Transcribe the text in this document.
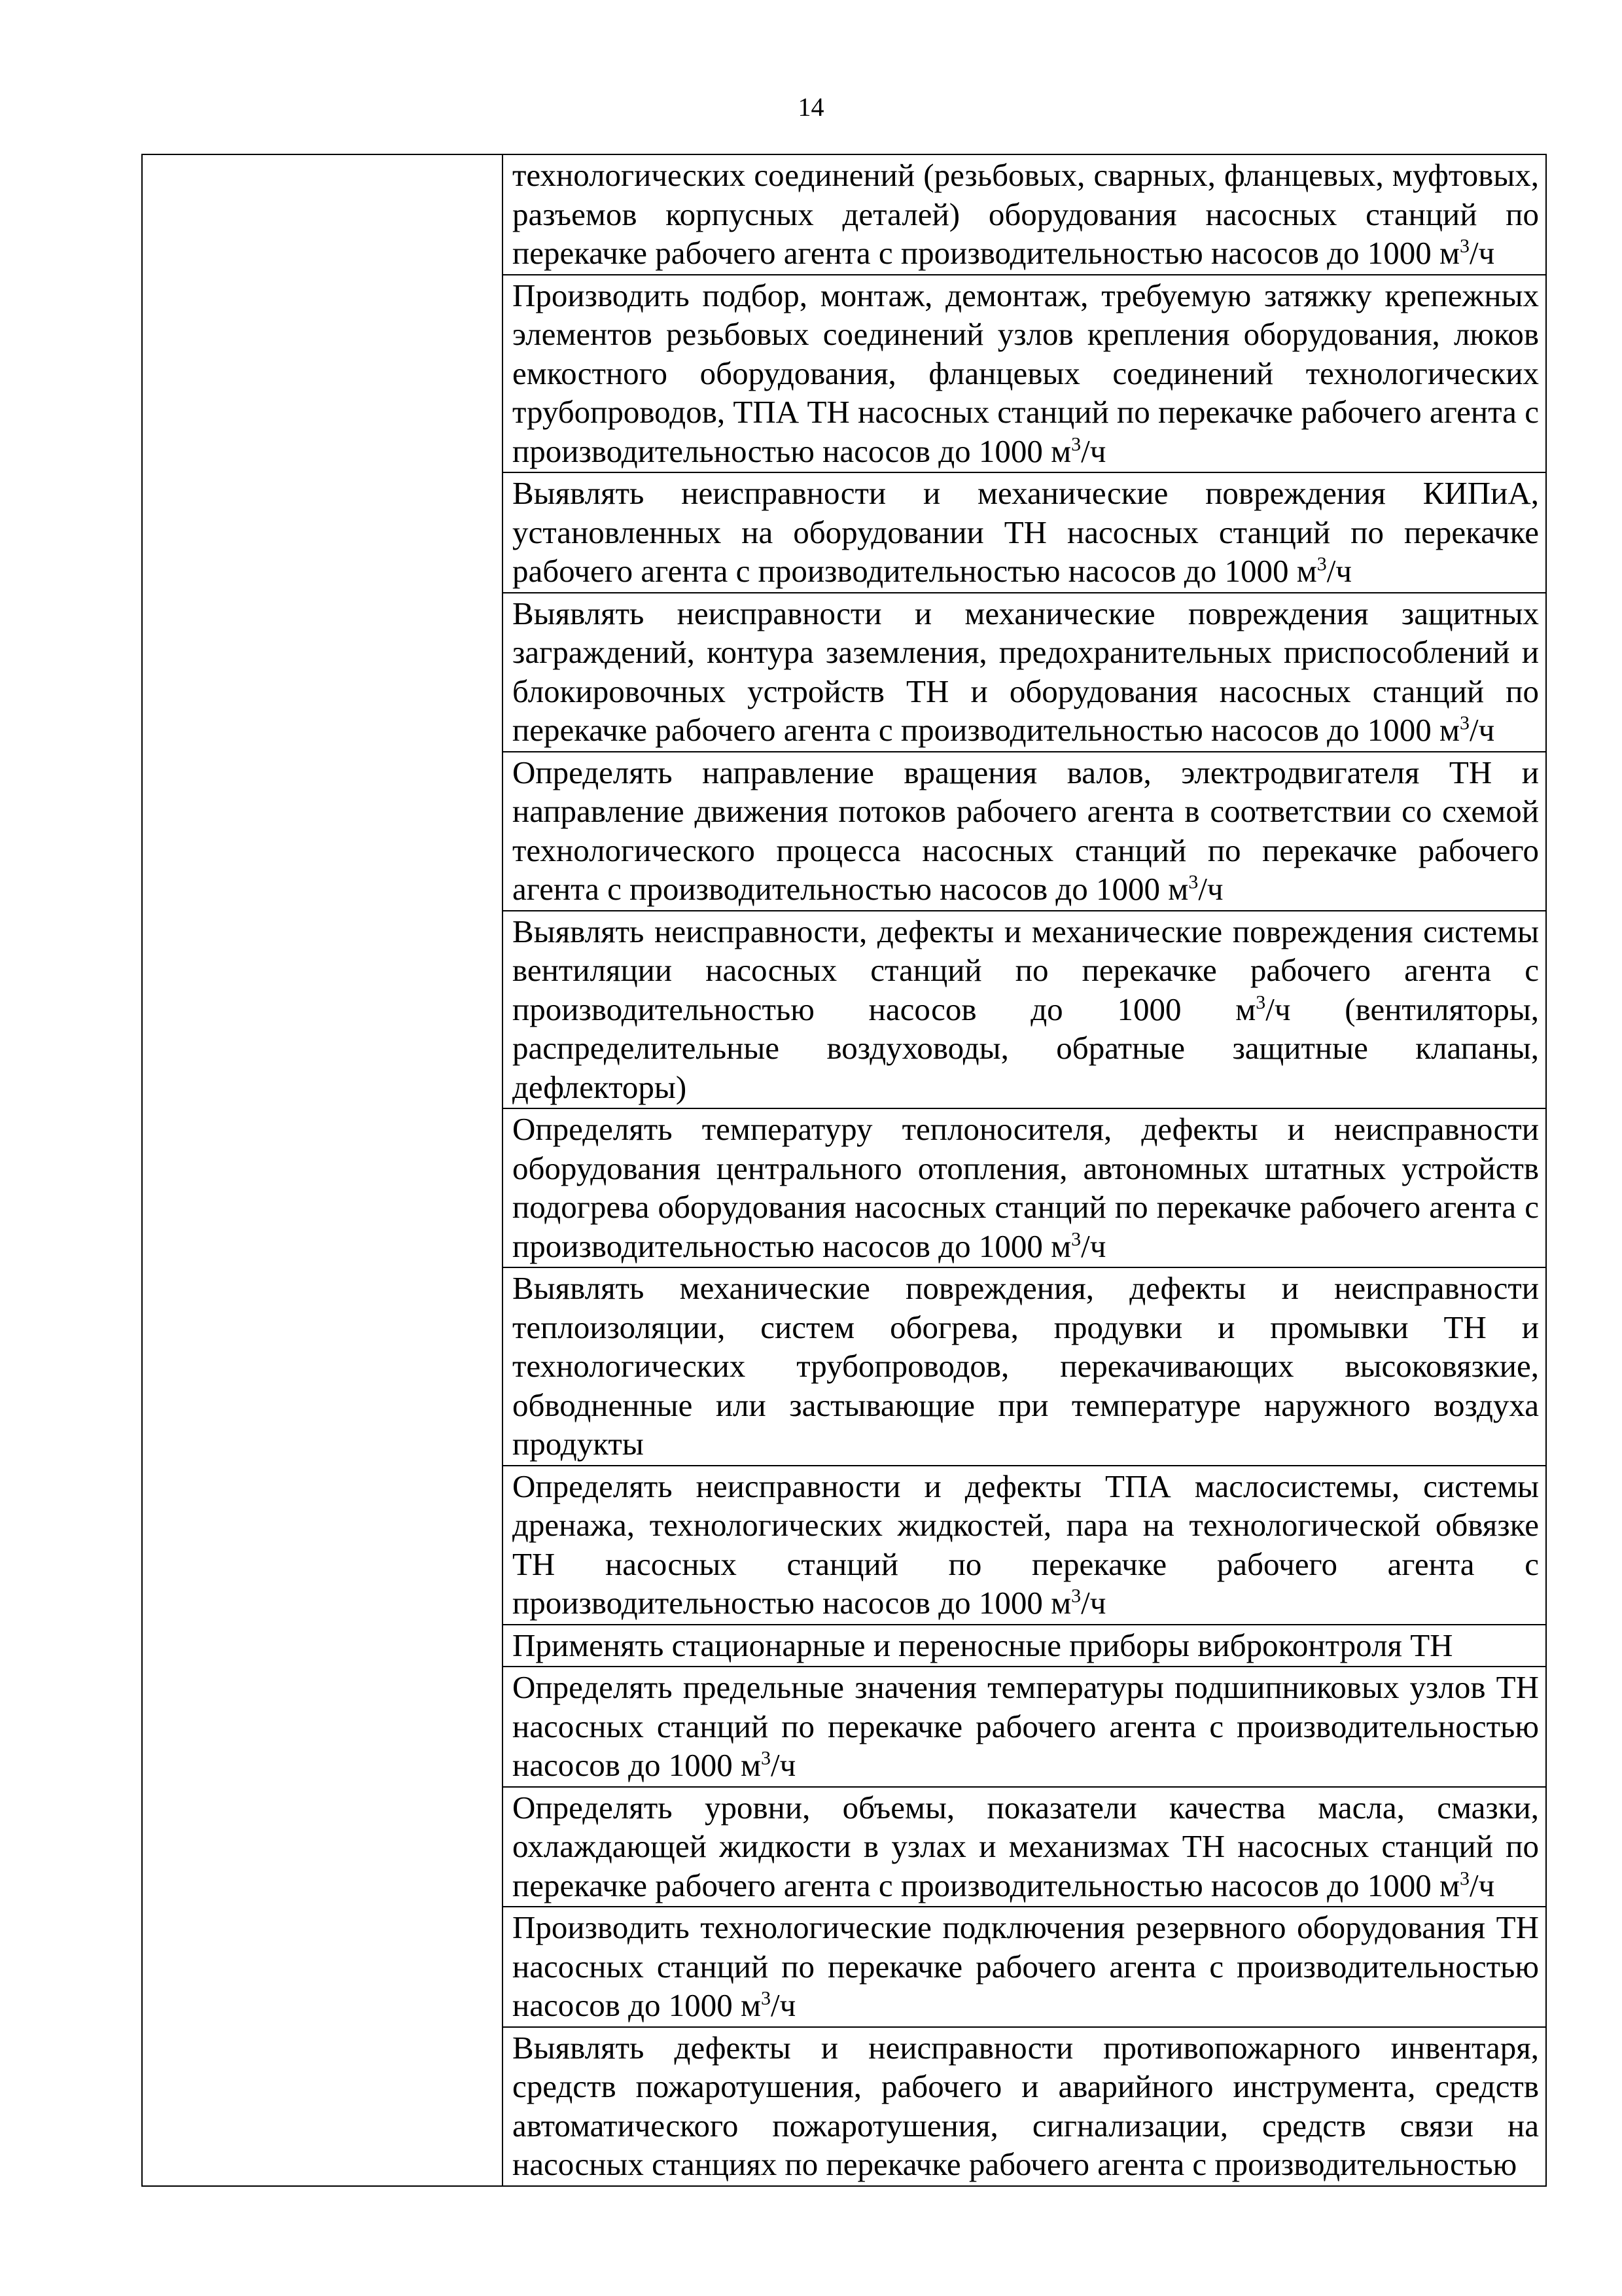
14

технологических соединений (резьбовых, сварных, фланцевых, муфтовых, разъемов корпусных деталей) оборудования насосных станций по перекачке рабочего агента с производительностью насосов до 1000 $м^3/ч$

Производить подбор, монтаж, демонтаж, требуемую затяжку крепежных элементов резьбовых соединений узлов крепления оборудования, люков емкостного оборудования, фланцевых соединений технологических трубопроводов, ТПА ТН насосных станций по перекачке рабочего агента с производительностью насосов до 1000 $м^3/ч$

Выявлять неисправности и механические повреждения КИПиА, установленных на оборудовании ТН насосных станций по перекачке рабочего агента с производительностью насосов до 1000 $м^3/ч$

Выявлять неисправности и механические повреждения защитных заграждений, контура заземления, предохранительных приспособлений и блокировочных устройств ТН и оборудования насосных станций по перекачке рабочего агента с производительностью насосов до 1000 $м^3/ч$

Определять направление вращения валов, электродвигателя ТН и направление движения потоков рабочего агента в соответствии со схемой технологического процесса насосных станций по перекачке рабочего агента с производительностью насосов до 1000 $м^3/ч$

Выявлять неисправности, дефекты и механические повреждения системы вентиляции насосных станций по перекачке рабочего агента с производительностью насосов до 1000 $м^3/ч$ (вентиляторы, распределительные воздуховоды, обратные защитные клапаны, дефлекторы)

Определять температуру теплоносителя, дефекты и неисправности оборудования центрального отопления, автономных штатных устройств подогрева оборудования насосных станций по перекачке рабочего агента с производительностью насосов до 1000 $м^3/ч$

Выявлять механические повреждения, дефекты и неисправности теплоизоляции, систем обогрева, продувки и промывки ТН и технологических трубопроводов, перекачивающих высоковязкие, обводненные или застывающие при температуре наружного воздуха продукты

Определять неисправности и дефекты ТПА маслосистемы, системы дренажа, технологических жидкостей, пара на технологической обвязке ТН насосных станций по перекачке рабочего агента с производительностью насосов до 1000 $м^3/ч$

Применять стационарные и переносные приборы виброконтроля ТН

Определять предельные значения температуры подшипниковых узлов ТН насосных станций по перекачке рабочего агента с производительностью насосов до 1000 $м^3/ч$

Определять уровни, объемы, показатели качества масла, смазки, охлаждающей жидкости в узлах и механизмах ТН насосных станций по перекачке рабочего агента с производительностью насосов до 1000 $м^3/ч$

Производить технологические подключения резервного оборудования ТН насосных станций по перекачке рабочего агента с производительностью насосов до 1000 $м^3/ч$

Выявлять дефекты и неисправности противопожарного инвентаря, средств пожаротушения, рабочего и аварийного инструмента, средств автоматического пожаротушения, сигнализации, средств связи на насосных станциях по перекачке рабочего агента с производительностью
